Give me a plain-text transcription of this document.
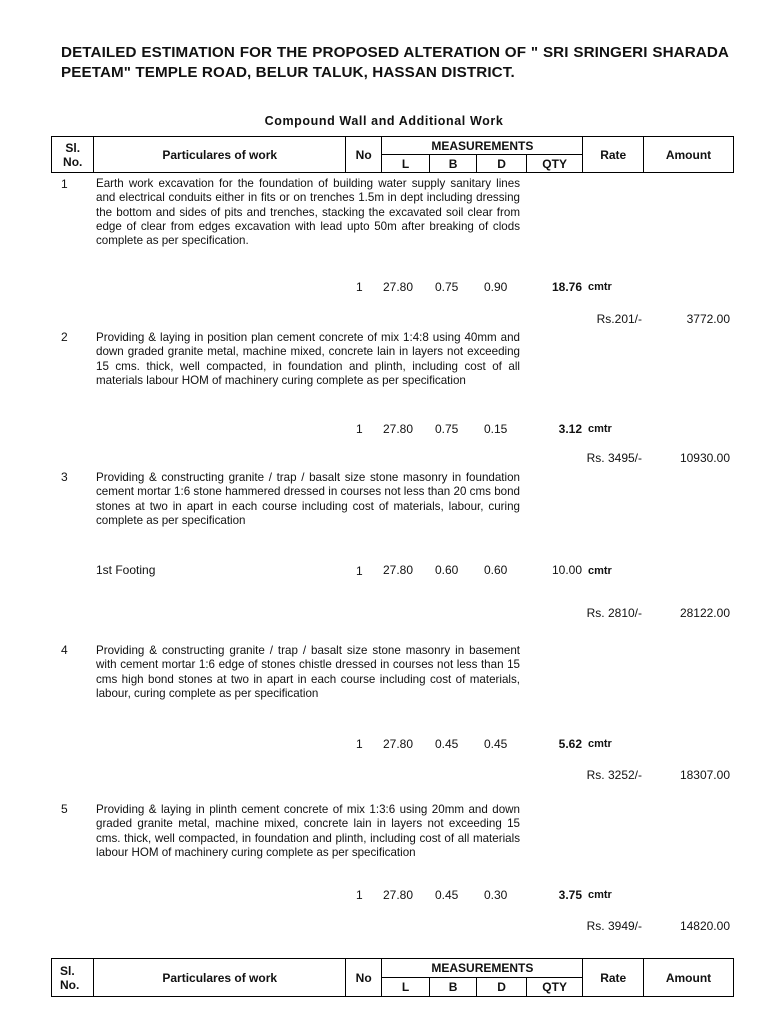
DETAILED ESTIMATION FOR THE PROPOSED ALTERATION OF " SRI SRINGERI SHARADA PEETAM" TEMPLE ROAD, BELUR TALUK, HASSAN DISTRICT.
Compound Wall and Additional Work
Sl.
No.	Particulares of work	No	MEASUREMENTS				Rate	Amount
			L	B	D	QTY		
1 Earth work excavation for the foundation of building water supply sanitary lines and electrical conduits either in fits or on trenches 1.5m in dept including dressing the bottom and sides of pits and trenches, stacking the excavated soil clear from edge of clear from edges excavation with lead upto 50m after breaking of clods complete as per specification.
1 27.80 0.75 0.90	18.76 cmtr
Rs.201/-	3772.00
2 Providing & laying in position plan cement concrete of mix 1:4:8 using 40mm and down graded granite metal, machine mixed, concrete lain in layers not exceeding 15 cms. thick, well compacted, in foundation and plinth, including cost of all materials labour HOM of machinery curing complete as per specification
1 27.80 0.75 0.15	3.12 cmtr
Rs. 3495/-	10930.00
3 Providing & constructing granite / trap / basalt size stone masonry in foundation cement mortar 1:6 stone hammered dressed in courses not less than 20 cms bond stones at two in apart in each course including cost of materials, labour, curing complete as per specification
1st Footing	1 27.80 0.60 0.60	10.00 cmtr
Rs. 2810/-	28122.00
4 Providing & constructing granite / trap / basalt size stone masonry in basement with cement mortar 1:6 edge of stones chistle dressed in courses not less than 15 cms high bond stones at two in apart in each course including cost of materials, labour, curing complete as per specification
1 27.80 0.45 0.45	5.62 cmtr
Rs. 3252/-	18307.00
5 Providing & laying in plinth cement concrete of mix 1:3:6 using 20mm and down graded granite metal, machine mixed, concrete lain in layers not exceeding 15 cms. thick, well compacted, in foundation and plinth, including cost of all materials labour HOM of machinery curing complete as per specification
1 27.80 0.45 0.30	3.75 cmtr
Rs. 3949/-	14820.00
Sl.
No.	Particulares of work	No	MEASUREMENTS				Rate	Amount
			L	B	D	QTY		
